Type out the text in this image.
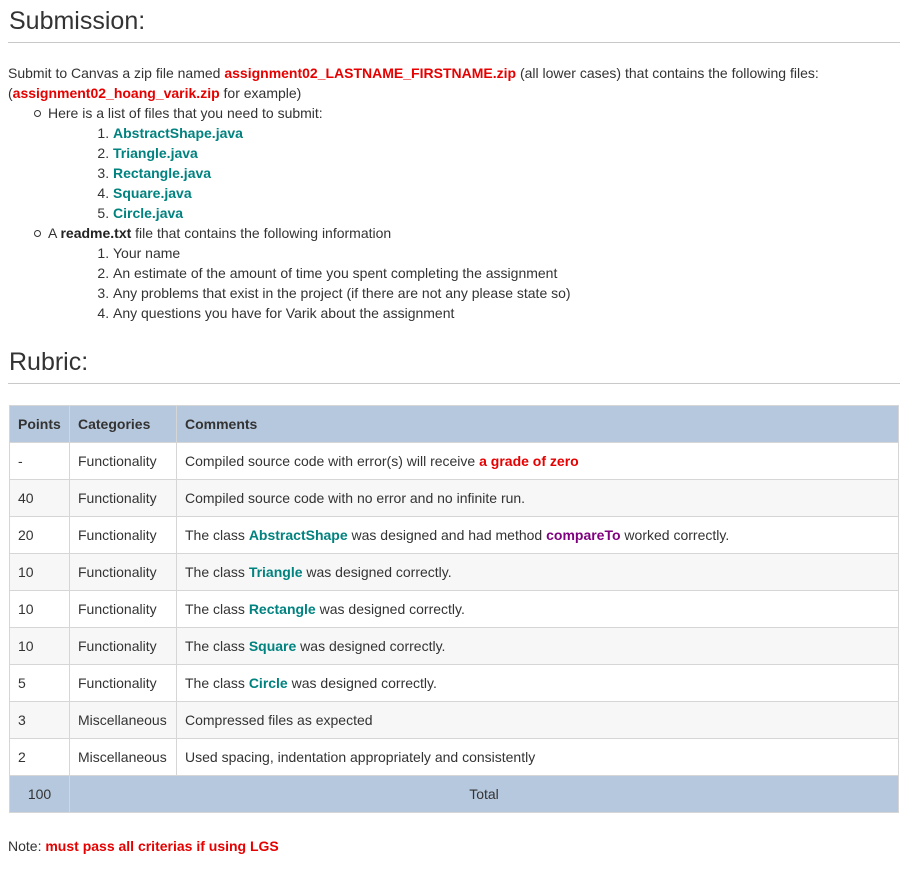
Submission:
Submit to Canvas a zip file named assignment02_LASTNAME_FIRSTNAME.zip (all lower cases) that contains the following files:
(assignment02_hoang_varik.zip for example)
Here is a list of files that you need to submit:
1. AbstractShape.java
2. Triangle.java
3. Rectangle.java
4. Square.java
5. Circle.java
A readme.txt file that contains the following information
1. Your name
2. An estimate of the amount of time you spent completing the assignment
3. Any problems that exist in the project (if there are not any please state so)
4. Any questions you have for Varik about the assignment
Rubric:
Points	Categories	Comments
-	Functionality	Compiled source code with error(s) will receive a grade of zero
40	Functionality	Compiled source code with no error and no infinite run.
20	Functionality	The class AbstractShape was designed and had method compareTo worked correctly.
10	Functionality	The class Triangle was designed correctly.
10	Functionality	The class Rectangle was designed correctly.
10	Functionality	The class Square was designed correctly.
5	Functionality	The class Circle was designed correctly.
3	Miscellaneous	Compressed files as expected
2	Miscellaneous	Used spacing, indentation appropriately and consistently
100	Total	
Note: must pass all criterias if using LGS
